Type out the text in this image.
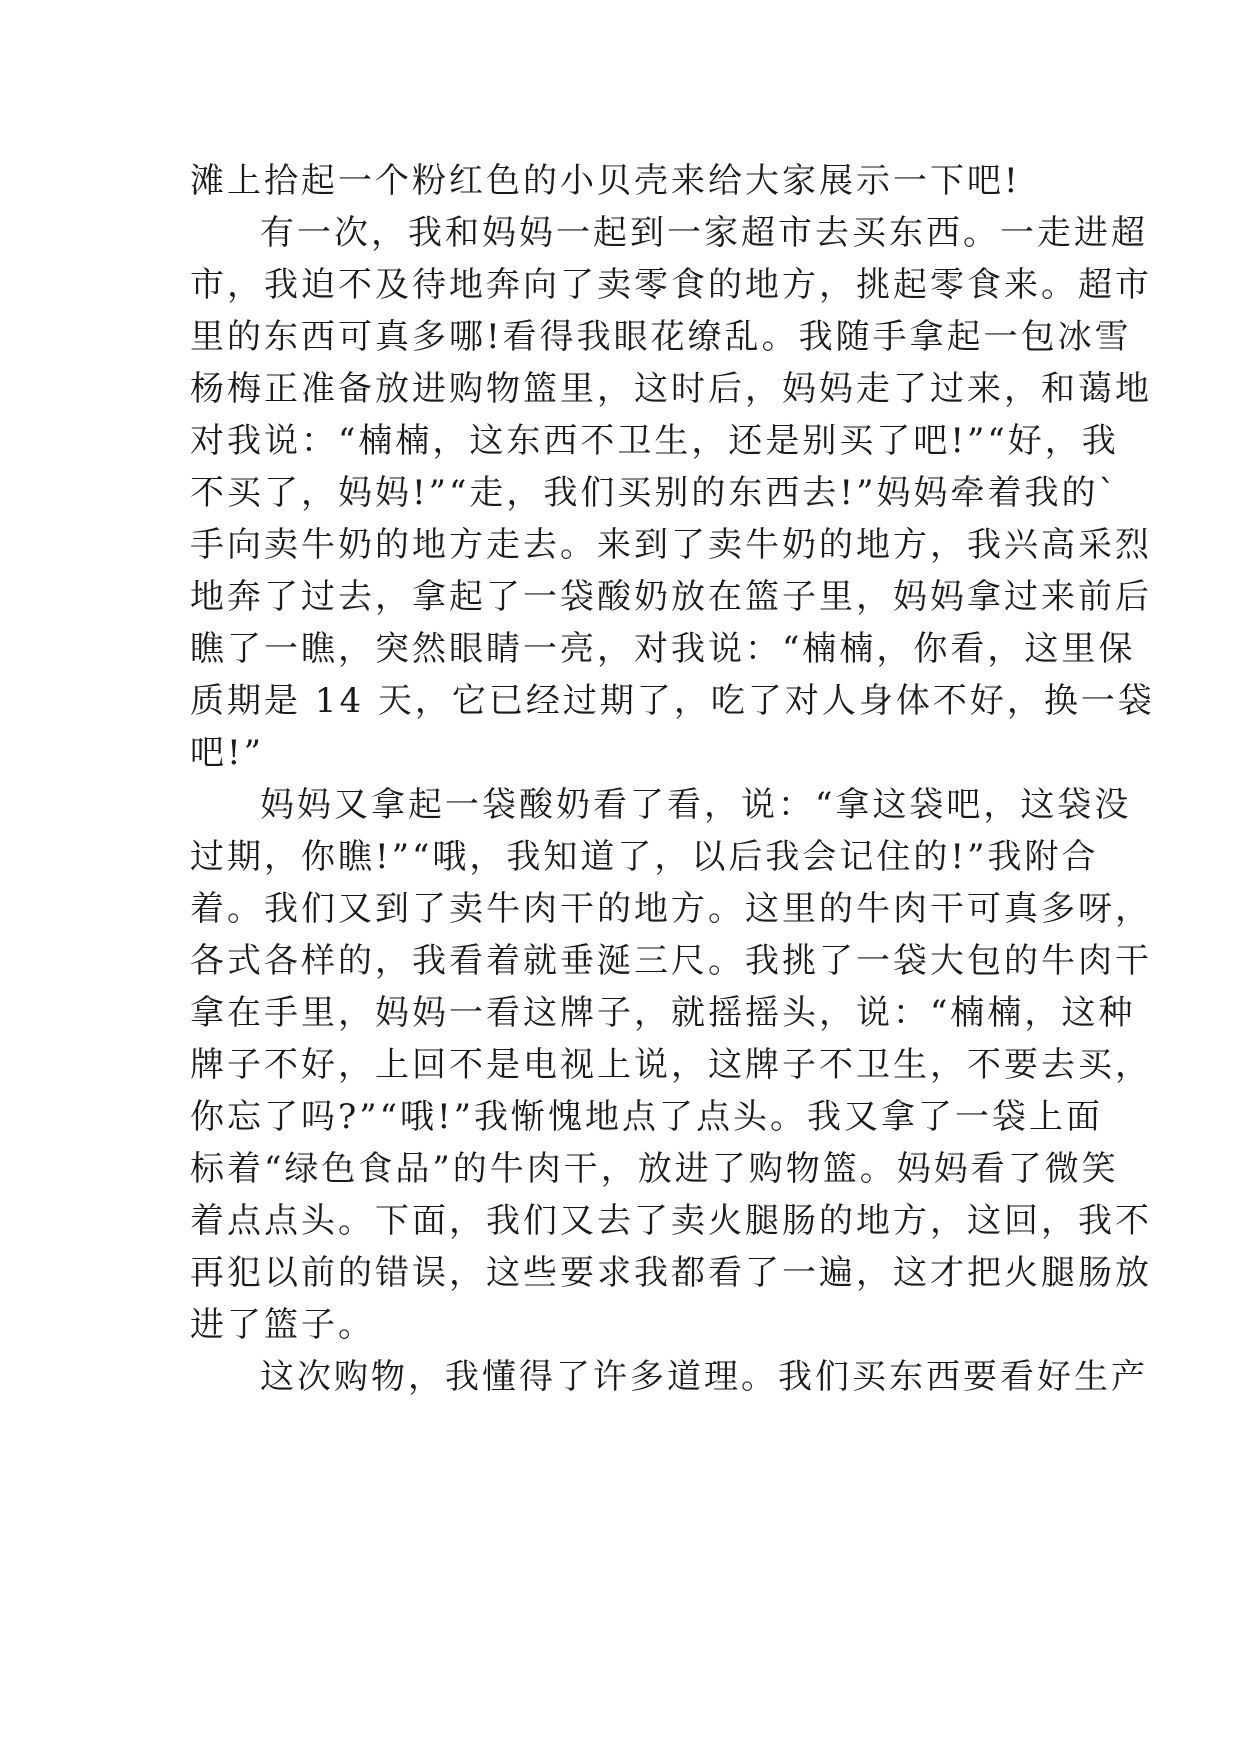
滩上拾起一个粉红色的小贝壳来给大家展示一下吧!
有一次，我和妈妈一起到一家超市去买东西。一走进超
市，我迫不及待地奔向了卖零食的地方，挑起零食来。超市
里的东西可真多哪!看得我眼花缭乱。我随手拿起一包冰雪
杨梅正准备放进购物篮里，这时后，妈妈走了过来，和蔼地
对我说：“楠楠，这东西不卫生，还是别买了吧!”“好，我
不买了，妈妈!”“走，我们买别的东西去!”妈妈牵着我的`
手向卖牛奶的地方走去。来到了卖牛奶的地方，我兴高采烈
地奔了过去，拿起了一袋酸奶放在篮子里，妈妈拿过来前后
瞧了一瞧，突然眼睛一亮，对我说：“楠楠，你看，这里保
质期是 14 天，它已经过期了，吃了对人身体不好，换一袋
吧!”
妈妈又拿起一袋酸奶看了看，说：“拿这袋吧，这袋没
过期，你瞧!”“哦，我知道了，以后我会记住的!”我附合
着。我们又到了卖牛肉干的地方。这里的牛肉干可真多呀，
各式各样的，我看着就垂涎三尺。我挑了一袋大包的牛肉干
拿在手里，妈妈一看这牌子，就摇摇头，说：“楠楠，这种
牌子不好，上回不是电视上说，这牌子不卫生，不要去买，
你忘了吗?”“哦!”我惭愧地点了点头。我又拿了一袋上面
标着“绿色食品”的牛肉干，放进了购物篮。妈妈看了微笑
着点点头。下面，我们又去了卖火腿肠的地方，这回，我不
再犯以前的错误，这些要求我都看了一遍，这才把火腿肠放
进了篮子。
这次购物，我懂得了许多道理。我们买东西要看好生产
